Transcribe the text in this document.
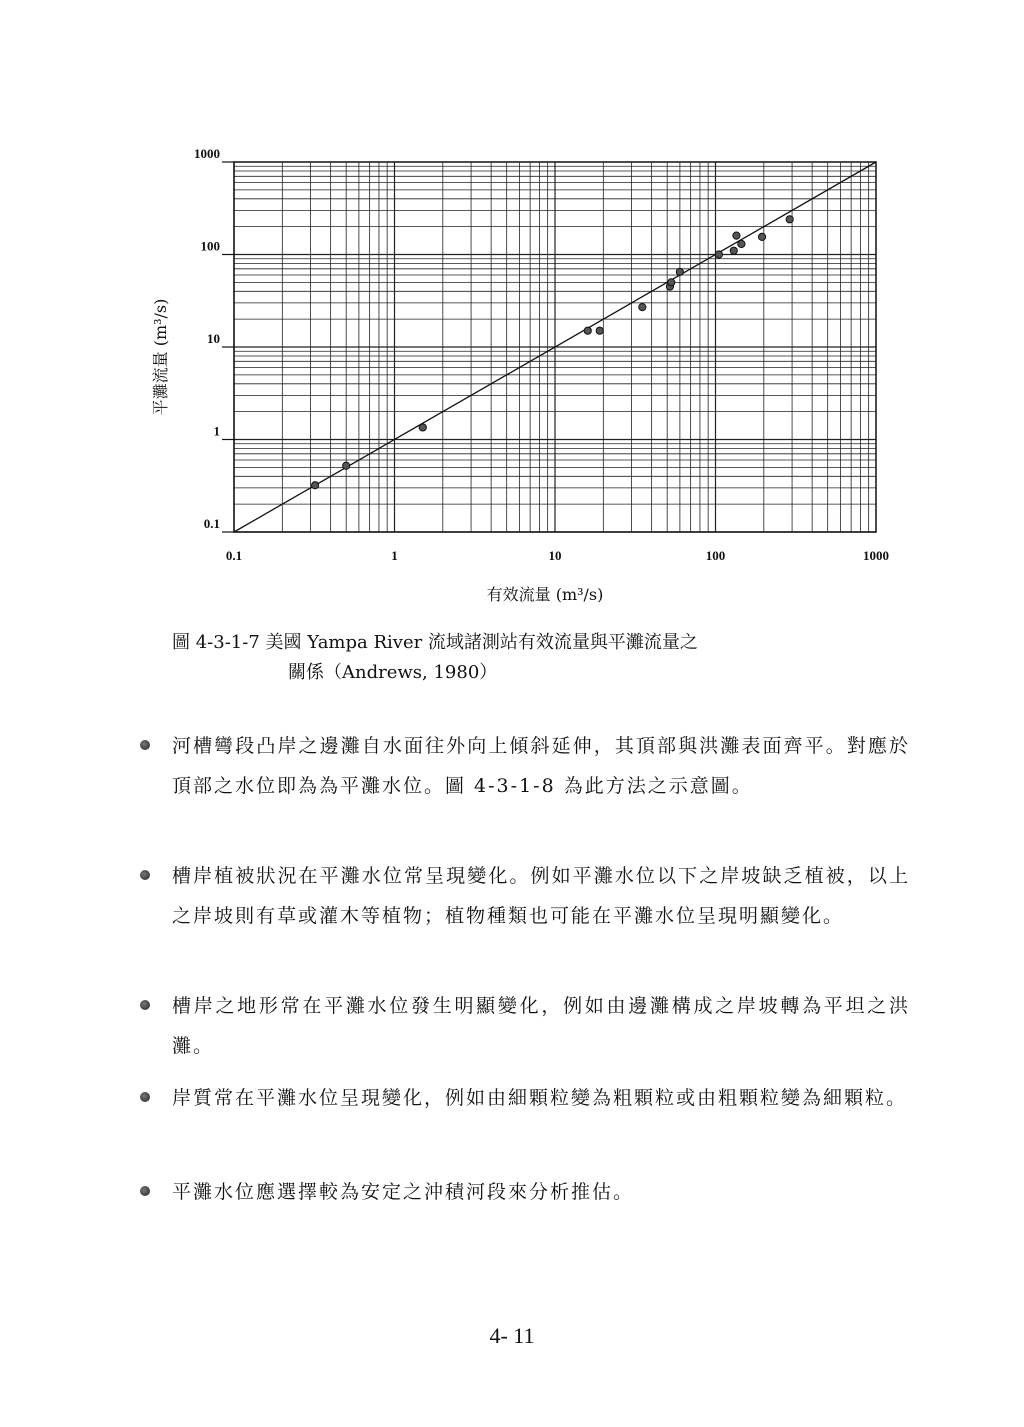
0.1	1	10	100	1000
1000
100
10
1
0.1
有效流量 (m³/s)
平灘流量 (m³/s)
圖 4-3-1-7 美國 Yampa River 流域諸測站有效流量與平灘流量之
關係（Andrews, 1980）
河槽彎段凸岸之邊灘自水面往外向上傾斜延伸，其頂部與洪灘表面齊平。對應於頂部之水位即為為平灘水位。圖 4-3-1-8 為此方法之示意圖。
槽岸植被狀況在平灘水位常呈現變化。例如平灘水位以下之岸坡缺乏植被，以上之岸坡則有草或灌木等植物；植物種類也可能在平灘水位呈現明顯變化。
槽岸之地形常在平灘水位發生明顯變化，例如由邊灘構成之岸坡轉為平坦之洪灘。
岸質常在平灘水位呈現變化，例如由細顆粒變為粗顆粒或由粗顆粒變為細顆粒。
平灘水位應選擇較為安定之沖積河段來分析推估。
4- 11
